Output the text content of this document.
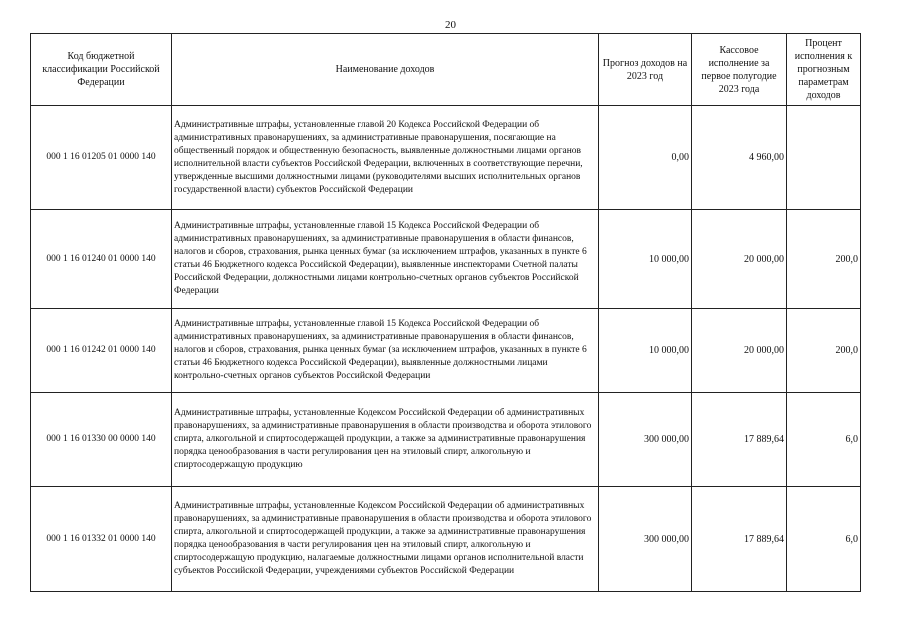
20
Код бюджетной классификации Российской Федерации	Наименование доходов	Прогноз доходов на 2023 год	Кассовое исполнение за первое полугодие 2023 года	Процент исполнения к прогнозным параметрам доходов
000 1 16 01205 01 0000 140	Административные штрафы, установленные главой 20 Кодекса Российской Федерации об административных правонарушениях, за административные правонарушения, посягающие на общественный порядок и общественную безопасность, выявленные должностными лицами органов исполнительной власти субъектов Российской Федерации, включенных в соответствующие перечни, утвержденные высшими должностными лицами (руководителями высших исполнительных органов государственной власти) субъектов Российской Федерации	0,00	4 960,00	
000 1 16 01240 01 0000 140	Административные штрафы, установленные главой 15 Кодекса Российской Федерации об административных правонарушениях, за административные правонарушения в области финансов, налогов и сборов, страхования, рынка ценных бумаг (за исключением штрафов, указанных в пункте 6 статьи 46 Бюджетного кодекса Российской Федерации), выявленные инспекторами Счетной палаты Российской Федерации, должностными лицами контрольно-счетных органов субъектов Российской Федерации	10 000,00	20 000,00	200,0
000 1 16 01242 01 0000 140	Административные штрафы, установленные главой 15 Кодекса Российской Федерации об административных правонарушениях, за административные правонарушения в области финансов, налогов и сборов, страхования, рынка ценных бумаг (за исключением штрафов, указанных в пункте 6 статьи 46 Бюджетного кодекса Российской Федерации), выявленные должностными лицами контрольно-счетных органов субъектов Российской Федерации	10 000,00	20 000,00	200,0
000 1 16 01330 00 0000 140	Административные штрафы, установленные Кодексом Российской Федерации об административных правонарушениях, за административные правонарушения в области производства и оборота этилового спирта, алкогольной и спиртосодержащей продукции, а также за административные правонарушения порядка ценообразования в части регулирования цен на этиловый спирт, алкогольную и спиртосодержащую продукцию	300 000,00	17 889,64	6,0
000 1 16 01332 01 0000 140	Административные штрафы, установленные Кодексом Российской Федерации об административных правонарушениях, за административные правонарушения в области производства и оборота этилового спирта, алкогольной и спиртосодержащей продукции, а также за административные правонарушения порядка ценообразования в части регулирования цен на этиловый спирт, алкогольную и спиртосодержащую продукцию, налагаемые должностными лицами органов исполнительной власти субъектов Российской Федерации, учреждениями субъектов Российской Федерации	300 000,00	17 889,64	6,0
